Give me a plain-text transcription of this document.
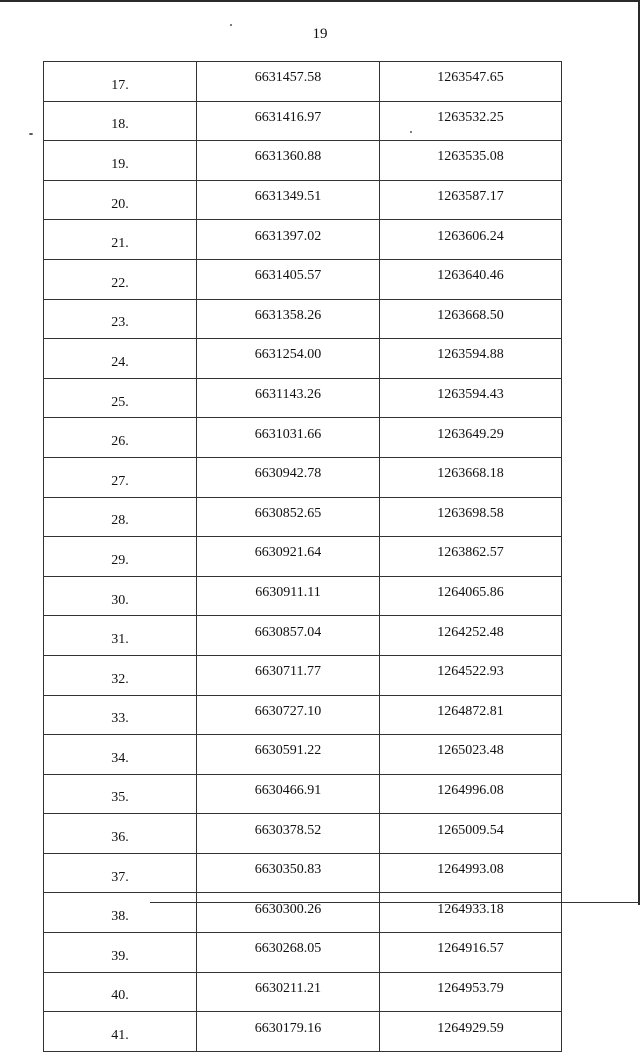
19
17.	6631457.58	1263547.65
18.	6631416.97	1263532.25
19.	6631360.88	1263535.08
20.	6631349.51	1263587.17
21.	6631397.02	1263606.24
22.	6631405.57	1263640.46
23.	6631358.26	1263668.50
24.	6631254.00	1263594.88
25.	6631143.26	1263594.43
26.	6631031.66	1263649.29
27.	6630942.78	1263668.18
28.	6630852.65	1263698.58
29.	6630921.64	1263862.57
30.	6630911.11	1264065.86
31.	6630857.04	1264252.48
32.	6630711.77	1264522.93
33.	6630727.10	1264872.81
34.	6630591.22	1265023.48
35.	6630466.91	1264996.08
36.	6630378.52	1265009.54
37.	6630350.83	1264993.08
38.	6630300.26	1264933.18
39.	6630268.05	1264916.57
40.	6630211.21	1264953.79
41.	6630179.16	1264929.59
